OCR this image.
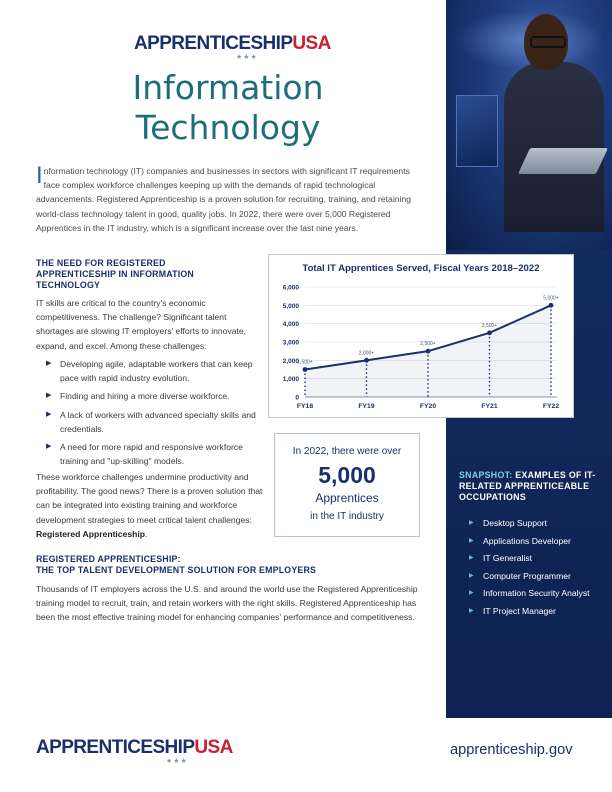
APPRENTICESHIPUSA
★★★
Information
Technology
Information technology (IT) companies and businesses in sectors with significant IT requirements face complex workforce challenges keeping up with the demands of rapid technological advancements. Registered Apprenticeship is a proven solution for recruiting, training, and retaining world-class technology talent in good, quality jobs. In 2022, there were over 5,000 Registered Apprentices in the IT industry, which is a significant increase over the last nine years.
THE NEED FOR REGISTERED
APPRENTICESHIP IN INFORMATION
TECHNOLOGY
IT skills are critical to the country's economic competitiveness. The challenge? Significant talent shortages are slowing IT employers' efforts to innovate, expand, and excel. Among these challenges:
▶ Developing agile, adaptable workers that can keep pace with rapid industry evolution.
▶ Finding and hiring a more diverse workforce.
▶ A lack of workers with advanced specialty skills and credentials.
▶ A need for more rapid and responsive workforce training and "up-skilling" models.
These workforce challenges undermine productivity and profitability. The good news? There is a proven solution that can be integrated into existing training and workforce development strategies to meet critical talent challenges: Registered Apprenticeship.
Total IT Apprentices Served, Fiscal Years 2018–2022
0
1,000
2,000
3,000
4,000
5,000
6,000
1,500+
FY18
2,000+
FY19
2,500+
FY20
3,500+
FY21
5,000+
FY22
In 2022, there were over
5,000
Apprentices
in the IT industry
REGISTERED APPRENTICESHIP:
THE TOP TALENT DEVELOPMENT SOLUTION FOR EMPLOYERS
Thousands of IT employers across the U.S. and around the world use the Registered Apprenticeship training model to recruit, train, and retain workers with the right skills. Registered Apprenticeship has been the most effective training model for enhancing companies' performance and competitiveness.
SNAPSHOT: EXAMPLES OF IT-RELATED APPRENTICEABLE OCCUPATIONS
▶ Desktop Support
▶ Applications Developer
▶ IT Generalist
▶ Computer Programmer
▶ Information Security Analyst
▶ IT Project Manager
APPRENTICESHIPUSA
★★★
apprenticeship.gov
